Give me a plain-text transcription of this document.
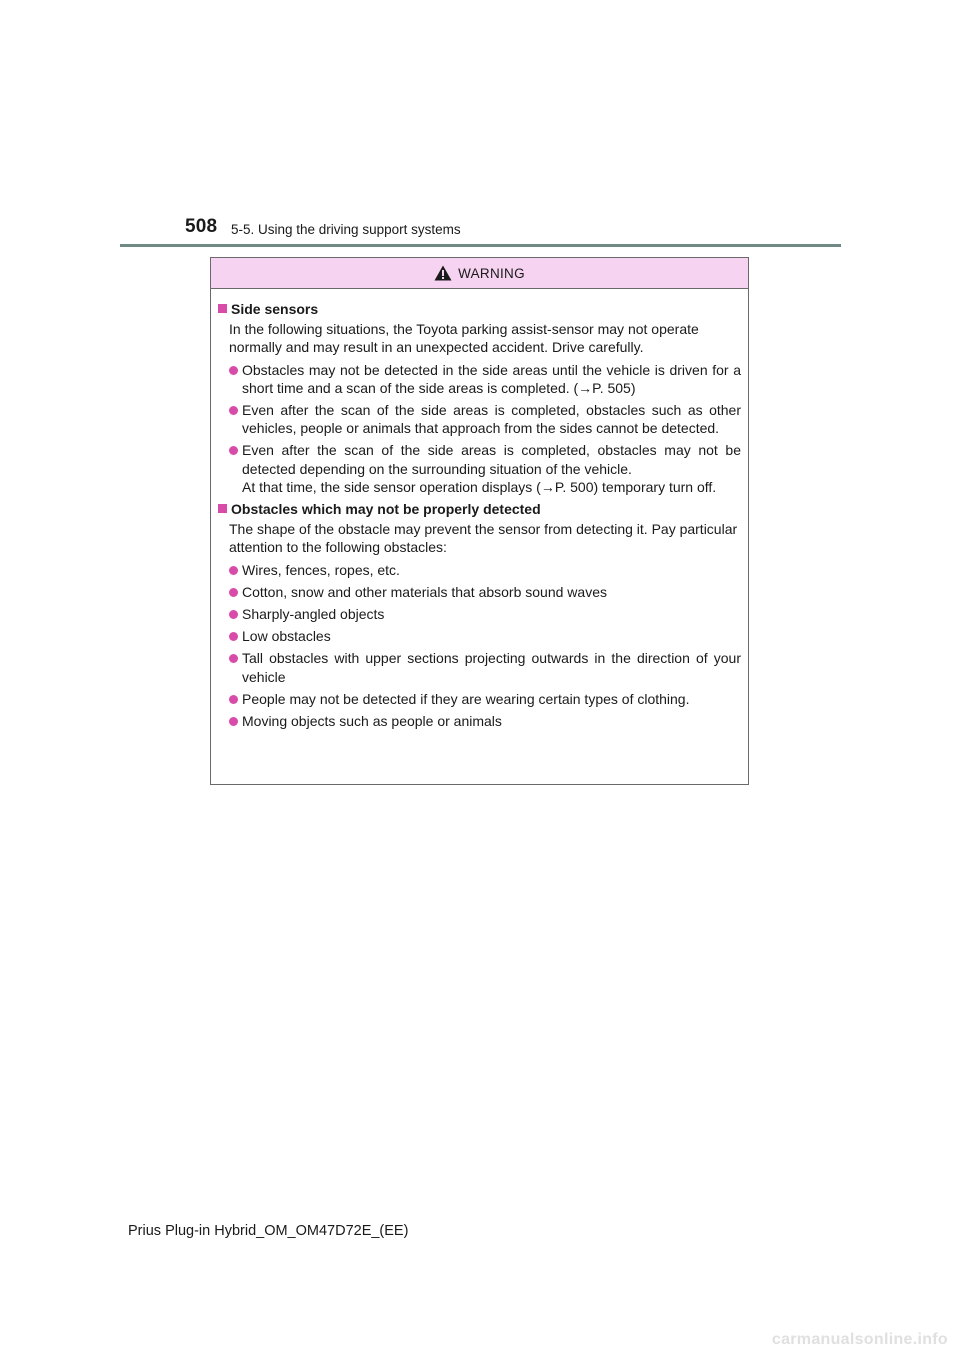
508 5-5. Using the driving support systems
WARNING
Side sensors
In the following situations, the Toyota parking assist-sensor may not operate normally and may result in an unexpected accident. Drive carefully.
Obstacles may not be detected in the side areas until the vehicle is driven for a short time and a scan of the side areas is completed. (→P. 505)
Even after the scan of the side areas is completed, obstacles such as other vehicles, people or animals that approach from the sides cannot be detected.
Even after the scan of the side areas is completed, obstacles may not be detected depending on the surrounding situation of the vehicle.
At that time, the side sensor operation displays (→P. 500) temporary turn off.
Obstacles which may not be properly detected
The shape of the obstacle may prevent the sensor from detecting it. Pay particular attention to the following obstacles:
Wires, fences, ropes, etc.
Cotton, snow and other materials that absorb sound waves
Sharply-angled objects
Low obstacles
Tall obstacles with upper sections projecting outwards in the direction of your vehicle
People may not be detected if they are wearing certain types of clothing.
Moving objects such as people or animals
Prius Plug-in Hybrid_OM_OM47D72E_(EE)
carmanualsonline.info
